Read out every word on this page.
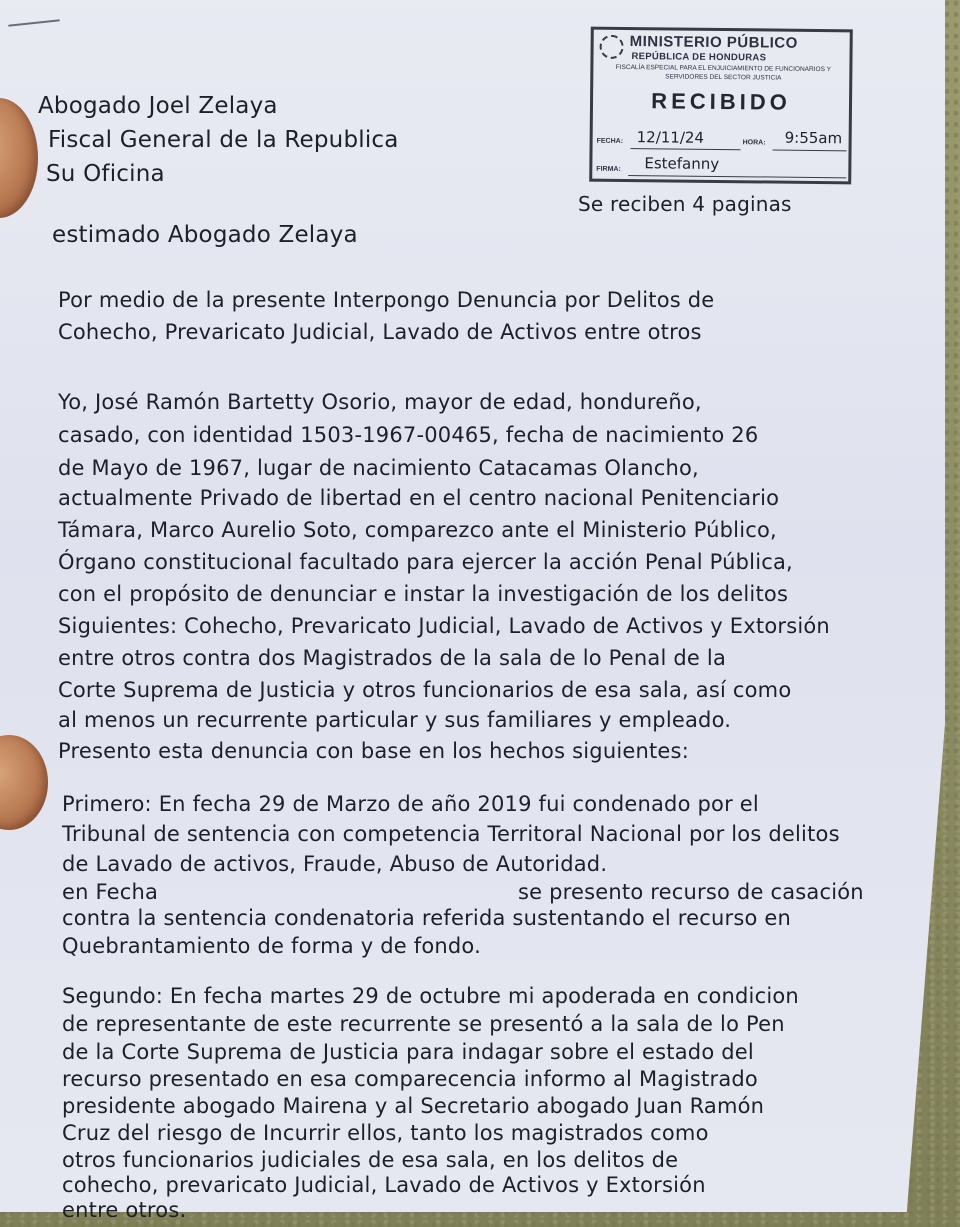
MINISTERIO PÚBLICO
REPÚBLICA DE HONDURAS
FISCALÍA ESPECIAL PARA EL ENJUICIAMIENTO DE FUNCIONARIOS Y SERVIDORES DEL SECTOR JUSTICIA
RECIBIDO
FECHA: 12/11/24	HORA: 9:55am
FIRMA: Estefanny
Se reciben 4 paginas
Abogado Joel Zelaya
Fiscal General de la Republica
Su Oficina
estimado Abogado Zelaya
Por medio de la presente Interpongo Denuncia por Delitos de
Cohecho, Prevaricato Judicial, Lavado de Activos entre otros
Yo, José Ramón Bartetty Osorio, mayor de edad, hondureño,
casado, con identidad 1503-1967-00465, fecha de nacimiento 26
de Mayo de 1967, lugar de nacimiento Catacamas Olancho,
actualmente Privado de libertad en el centro nacional Penitenciario
Támara, Marco Aurelio Soto, comparezco ante el Ministerio Público,
Órgano constitucional facultado para ejercer la acción Penal Pública,
con el propósito de denunciar e instar la investigación de los delitos
Siguientes: Cohecho, Prevaricato Judicial, Lavado de Activos y Extorsión
entre otros contra dos Magistrados de la sala de lo Penal de la
Corte Suprema de Justicia y otros funcionarios de esa sala, así como
al menos un recurrente particular y sus familiares y empleado.
Presento esta denuncia con base en los hechos siguientes:
Primero: En fecha 29 de Marzo de año 2019 fui condenado por el
Tribunal de sentencia con competencia Territoral Nacional por los delitos
de Lavado de activos, Fraude, Abuso de Autoridad.
en Fecha	se presento recurso de casación
contra la sentencia condenatoria referida sustentando el recurso en
Quebrantamiento de forma y de fondo.
Segundo: En fecha martes 29 de octubre mi apoderada en condicion
de representante de este recurrente se presentó a la sala de lo Pen
de la Corte Suprema de Justicia para indagar sobre el estado del
recurso presentado en esa comparecencia informo al Magistrado
presidente abogado Mairena y al Secretario abogado Juan Ramón
Cruz del riesgo de Incurrir ellos, tanto los magistrados como
otros funcionarios judiciales de esa sala, en los delitos de
cohecho, prevaricato Judicial, Lavado de Activos y Extorsión
entre otros.
